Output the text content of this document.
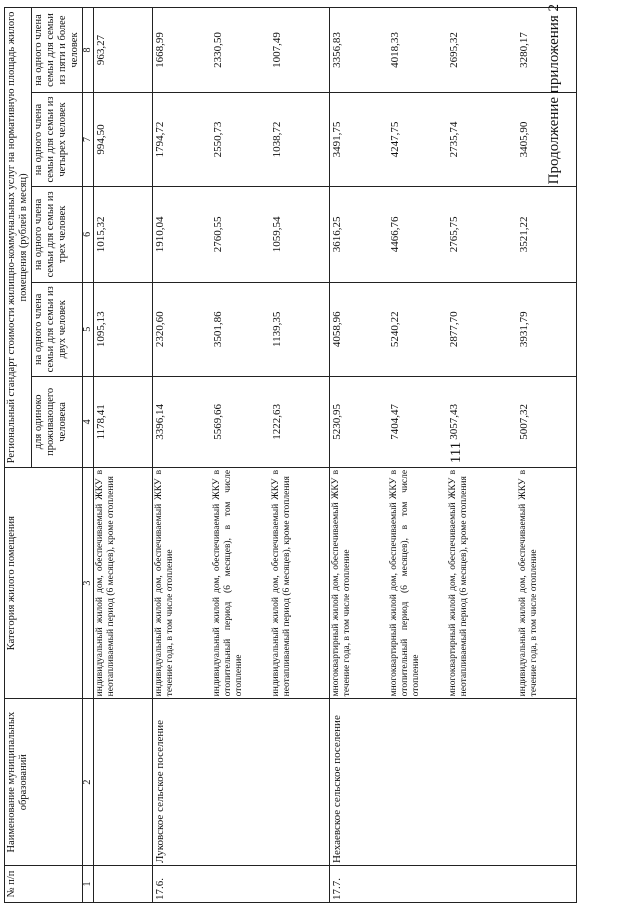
№ п/п	Наименование муниципальных образований	Категория жилого помещения	Региональный стандарт стоимости жилищно-коммунальных услуг на нормативную площадь жилого помещения (рублей в месяц)				
			для одиноко проживающего человека	на одного члена семьи для семьи из двух человек	на одного члена семьи для семьи из трех человек	на одного члена семьи для семьи из четырех человек	на одного члена семьи для семьи из пяти и более человек
1	2	3	4	5	6	7	8
		индивидуальный жилой дом, обеспечиваемый ЖКУ в неотапливаемый период (6 месяцев), кроме отопления	1178,41	1095,13	1015,32	994,50	963,27
17.6.	Луковское сельское поселение	индивидуальный жилой дом, обеспечиваемый ЖКУ в течение года, в том числе отопление	3396,14	2320,60	1910,04	1794,72	1668,99
		индивидуальный жилой дом, обеспечиваемый ЖКУ в отопительный период (6 месяцев), в том числе отопление	5569,66	3501,86	2760,55	2550,73	2330,50
		индивидуальный жилой дом, обеспечиваемый ЖКУ в неотапливаемый период (6 месяцев), кроме отопления	1222,63	1139,35	1059,54	1038,72	1007,49
17.7.	Нехаевское сельское поселение	многоквартирный жилой дом, обеспечиваемый ЖКУ в течение года, в том числе отопление	5230,95	4058,96	3616,25	3491,75	3356,83
		многоквартирный жилой дом, обеспечиваемый ЖКУ в отопительный период (6 месяцев), в том числе отопление	7404,47	5240,22	4466,76	4247,75	4018,33
		многоквартирный жилой дом, обеспечиваемый ЖКУ в неотапливаемый период (6 месяцев), кроме отопления	3057,43	2877,70	2765,75	2735,74	2695,32
		индивидуальный жилой дом, обеспечиваемый ЖКУ в течение года, в том числе отопление	5007,32	3931,79	3521,22	3405,90	3280,17
111
Продолжение приложения 2
